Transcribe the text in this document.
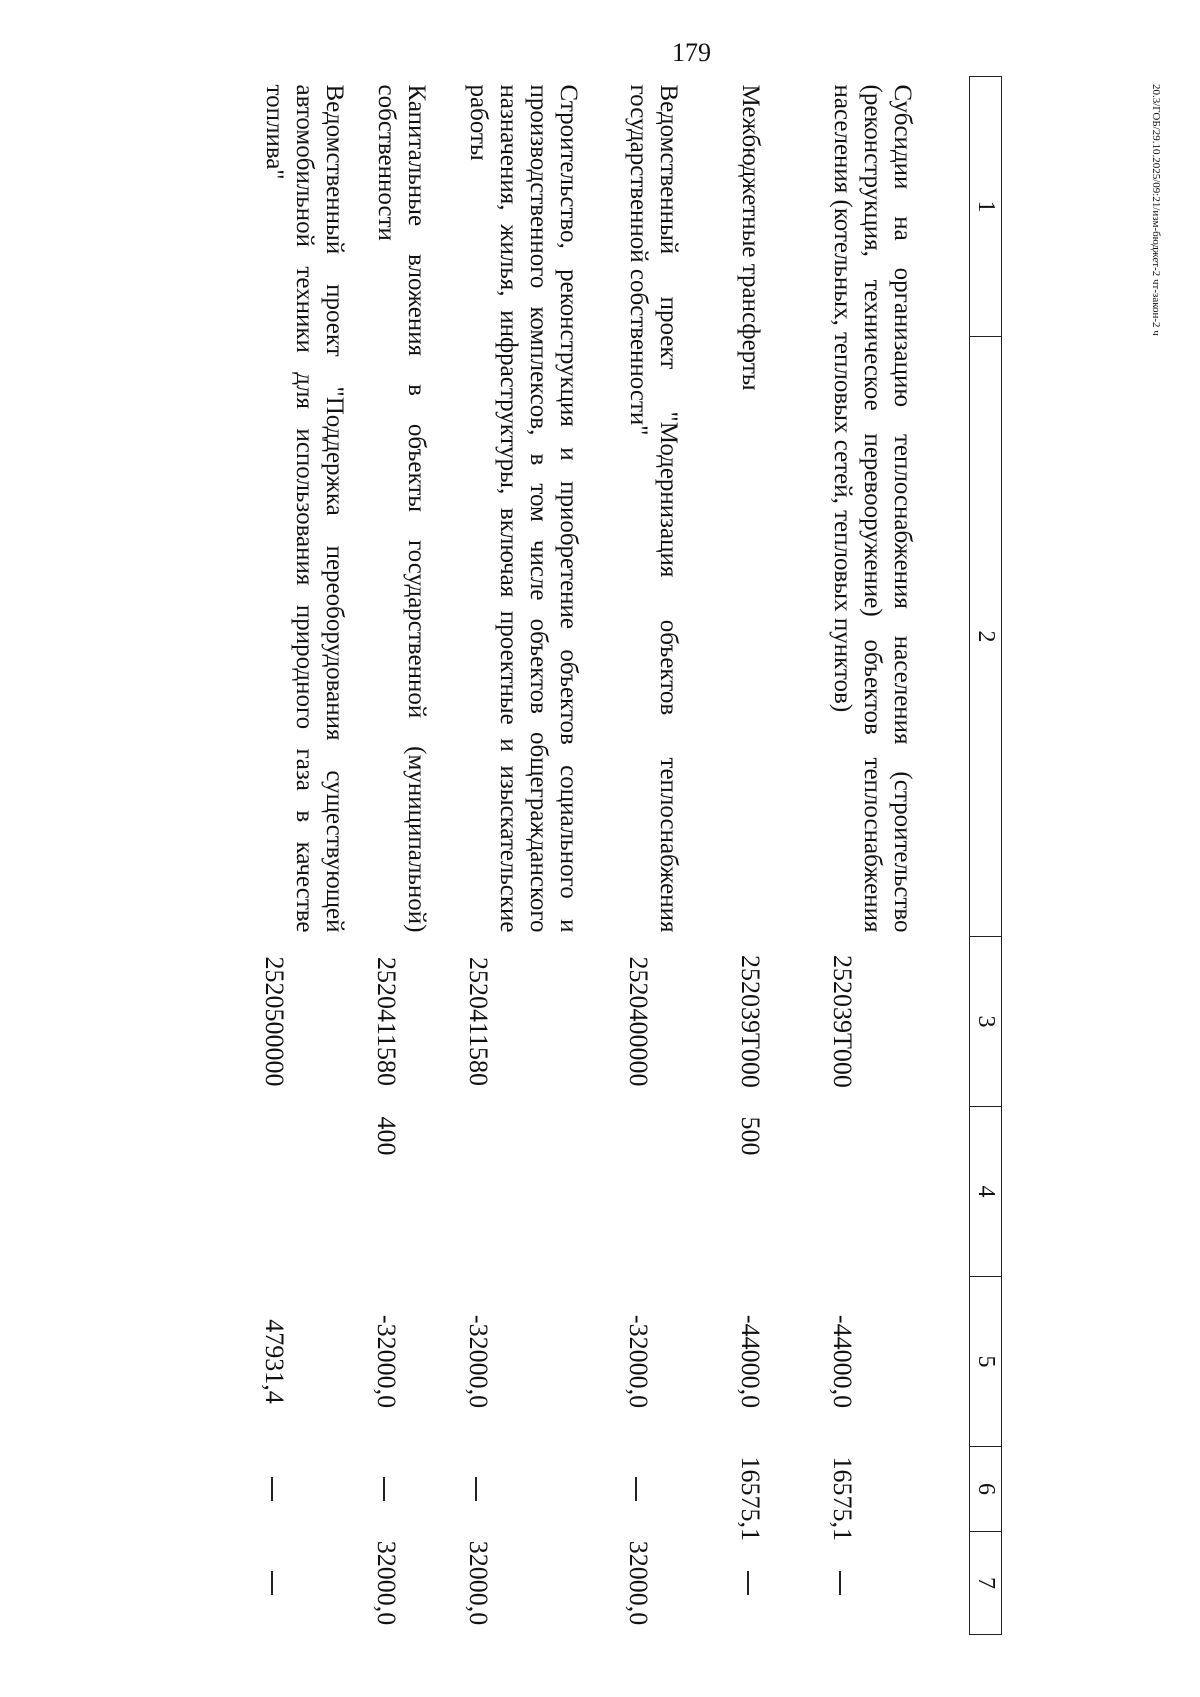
179
20.3/ГОБ/29.10.2025/09:21/изм-бюджет-2 чт-закон-2 ч
1	2	3	4	5	6	7
Субсидии на организацию теплоснабжения населения (строительство (реконструкция, техническое перевооружение) объектов теплоснабжения населения (котельных, тепловых сетей, тепловых пунктов)		252039Т000		-44000,0	16575,1	
Межбюджетные трансферты		252039Т000	500	-44000,0	16575,1	
Ведомственный проект "Модернизация объектов теплоснабжения государственной собственности"		2520400000		-32000,0		32000,0
Строительство, реконструкция и приобретение объектов социального и производственного комплексов, в том числе объектов общегражданского назначения, жилья, инфраструктуры, включая проектные и изыскательские работы		2520411580		-32000,0		32000,0
Капитальные вложения в объекты государственной (муниципальной) собственности		2520411580	400	-32000,0		32000,0
Ведомственный проект "Поддержка переоборудования существующей автомобильной техники для использования природного газа в качестве топлива"		2520500000		47931,4		
